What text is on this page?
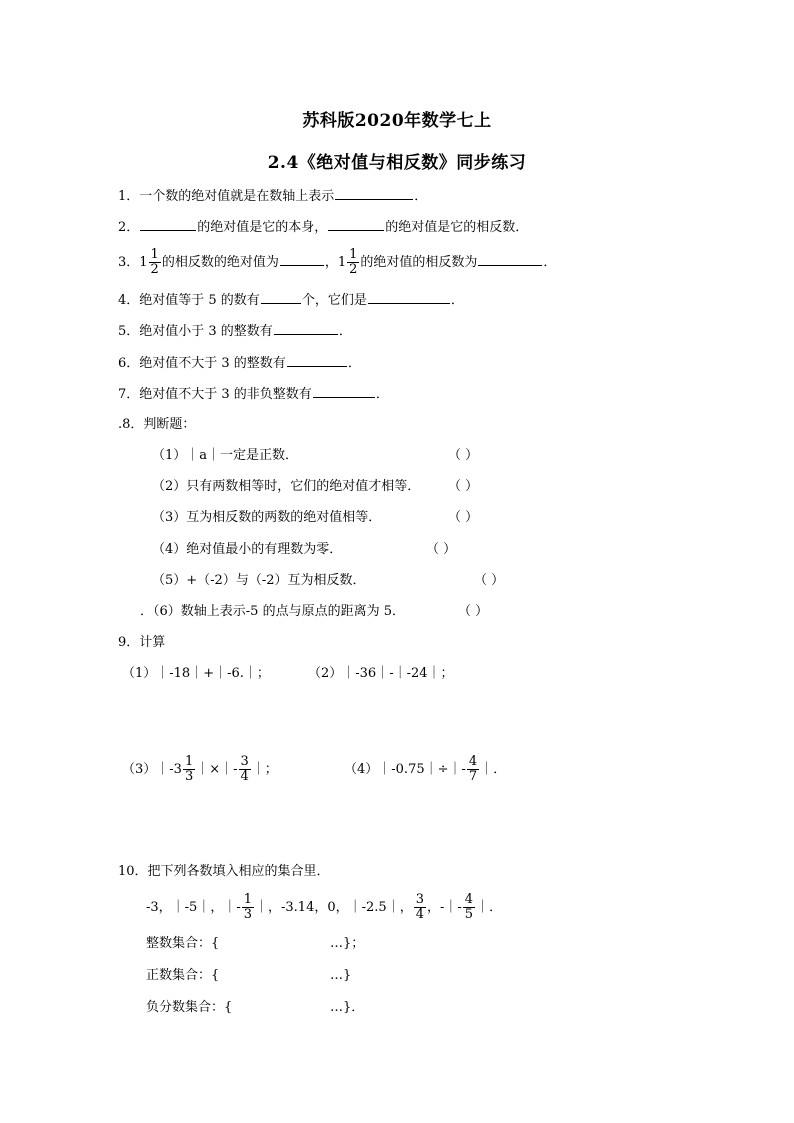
苏科版2020年数学七上
2.4《绝对值与相反数》同步练习
1．一个数的绝对值就是在数轴上表示	．
2．	的绝对值是它的本身，	的绝对值是它的相反数．
3．$1 \frac{1}{2}$ 的相反数的绝对值为	，$1 \frac{1}{2}$ 的绝对值的相反数为	．
4．绝对值等于 5 的数有	个，它们是	．
5．绝对值小于 3 的整数有	．
6．绝对值不大于 3 的整数有	．
7．绝对值不大于 3 的非负整数有	．
.8．判断题：
（1）｜a｜一定是正数．	（ ）
（2）只有两数相等时，它们的绝对值才相等． （ ）
（3）互为相反数的两数的绝对值相等．	（ ）
（4）绝对值最小的有理数为零．	（ ）
（5）+（-2）与（-2）互为相反数．	（ ）
．（6）数轴上表示-5 的点与原点的距离为 5．	（ ）
9．计算
（1）｜-18｜+｜-6.｜；	（2）｜-36｜-｜-24｜；
（3）｜-3 $\frac{1}{3}$ ｜×｜- $\frac{3}{4}$ ｜；	（4）｜-0.75｜÷｜- $\frac{4}{7}$ ｜．
10．把下列各数填入相应的集合里．
-3，｜-5｜，｜- $\frac{1}{3}$ ｜，-3.14，0，｜-2.5｜， $\frac{3}{4}$ ，-｜- $\frac{4}{5}$ ｜．
整数集合：{	…}；
正数集合：{	…}
负分数集合：{	…}．
